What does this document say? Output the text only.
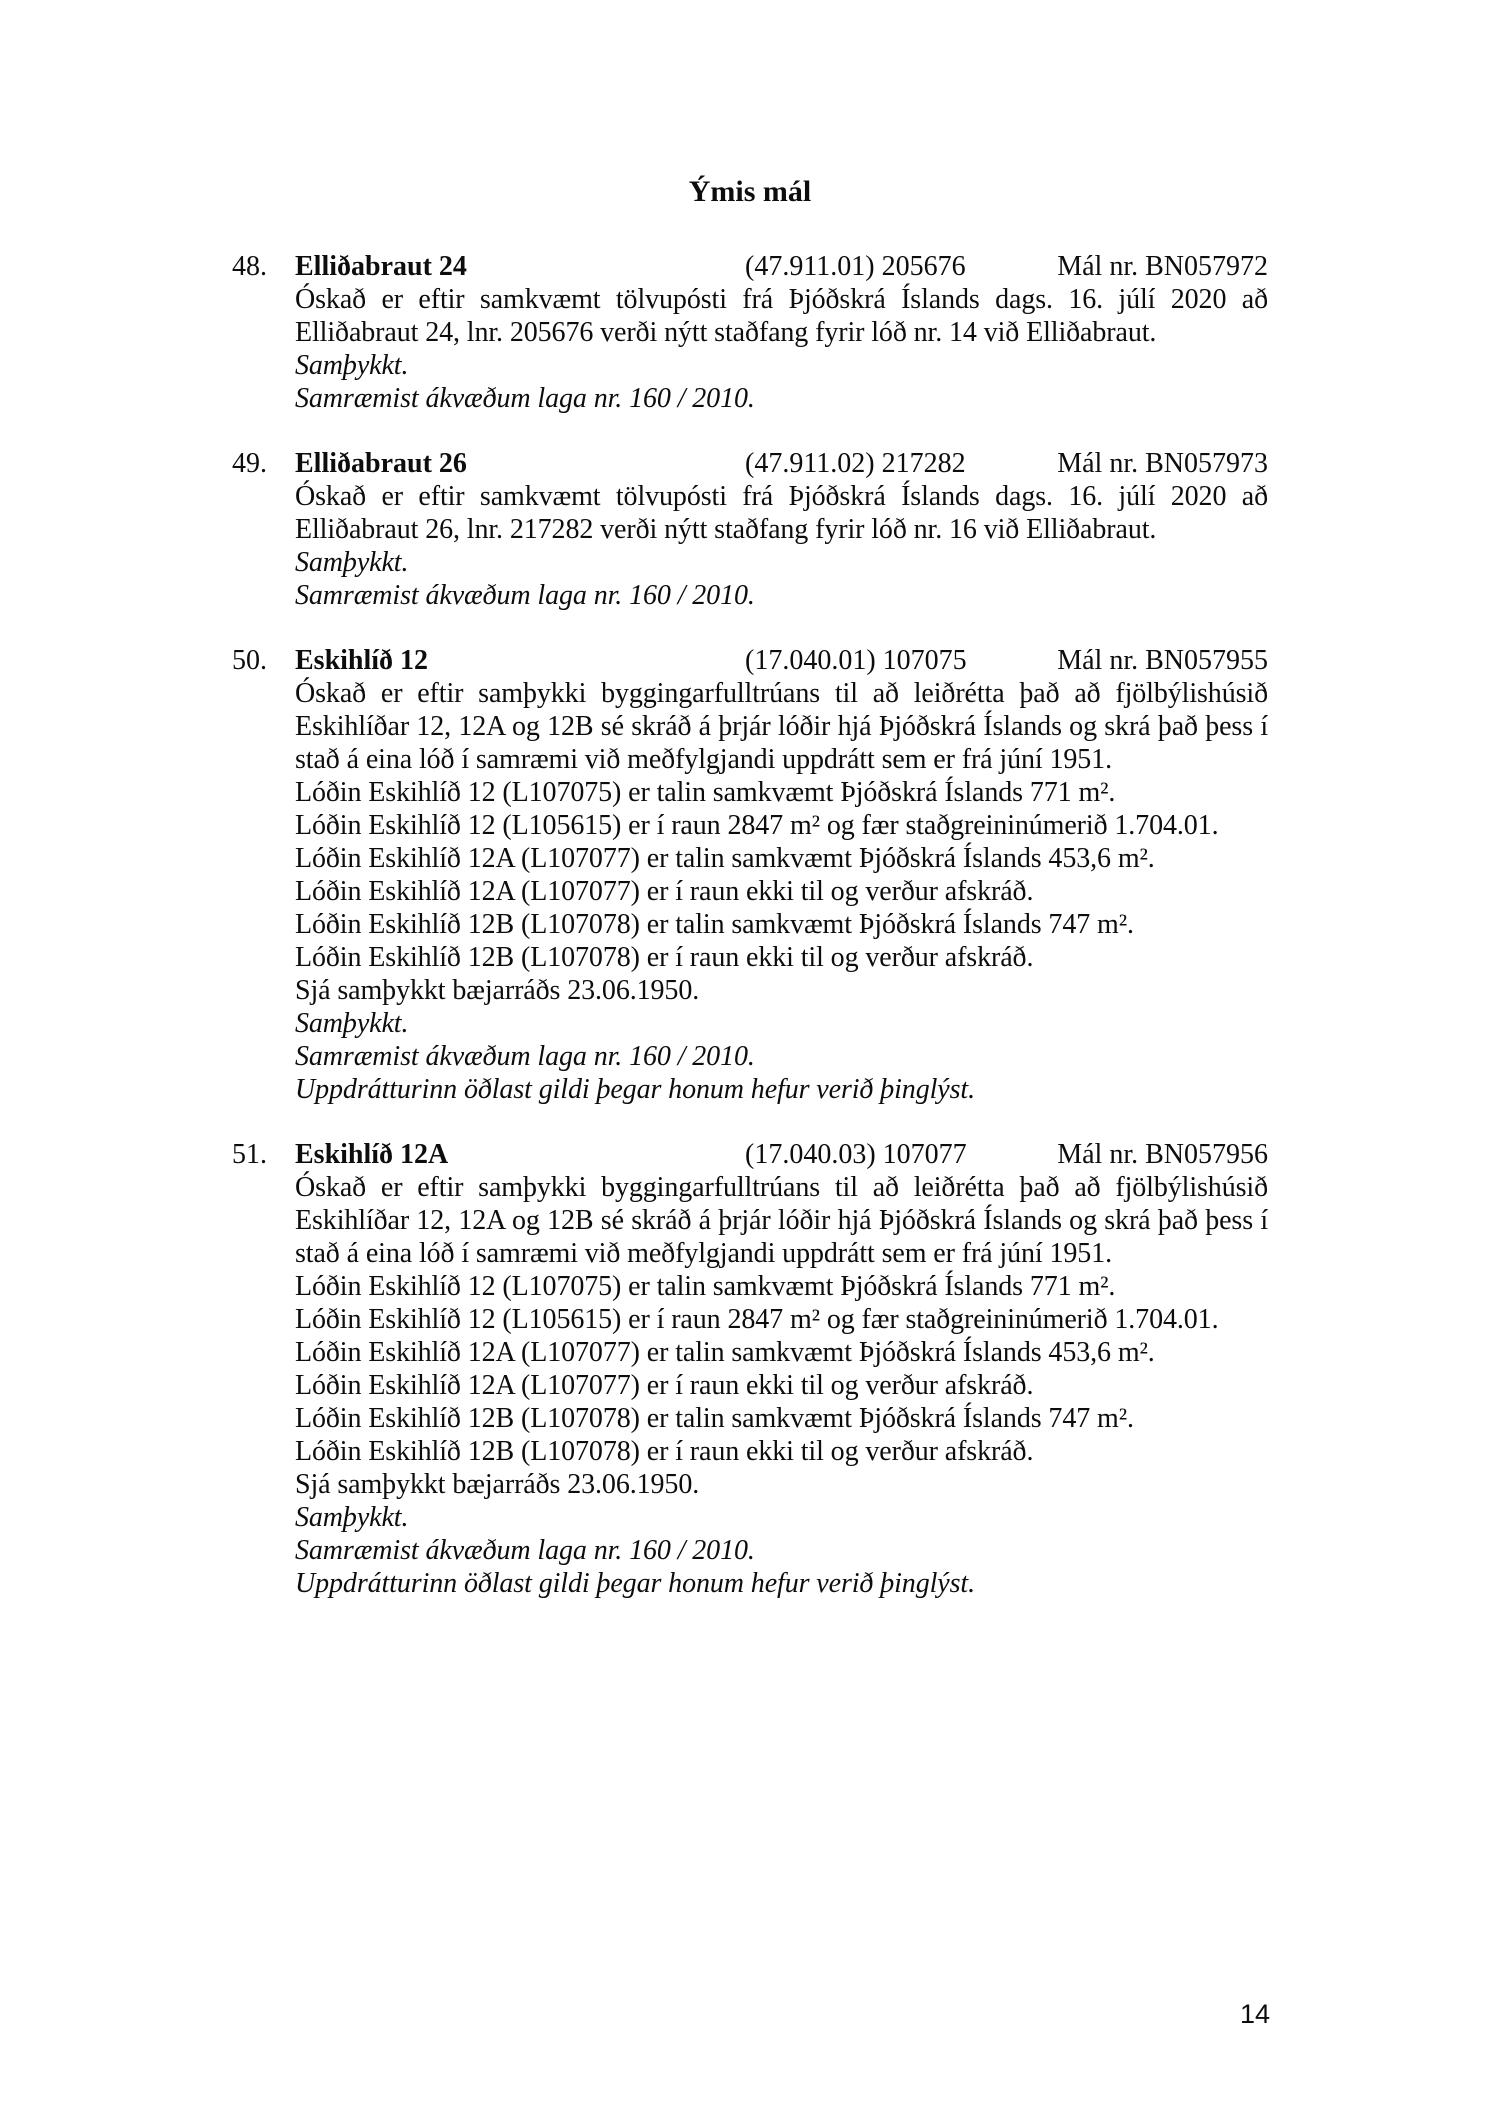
Ýmis mál
48.	Elliðabraut 24	(47.911.01) 205676	Mál nr. BN057972
Óskað er eftir samkvæmt tölvupósti frá Þjóðskrá Íslands dags. 16. júlí 2020 að
Elliðabraut 24, lnr. 205676 verði nýtt staðfang fyrir lóð nr. 14 við Elliðabraut.
Samþykkt.
Samræmist ákvæðum laga nr. 160 / 2010.
49.	Elliðabraut 26	(47.911.02) 217282	Mál nr. BN057973
Óskað er eftir samkvæmt tölvupósti frá Þjóðskrá Íslands dags. 16. júlí 2020 að
Elliðabraut 26, lnr. 217282 verði nýtt staðfang fyrir lóð nr. 16 við Elliðabraut.
Samþykkt.
Samræmist ákvæðum laga nr. 160 / 2010.
50.	Eskihlíð 12	(17.040.01) 107075	Mál nr. BN057955
Óskað er eftir samþykki byggingarfulltrúans til að leiðrétta það að fjölbýlishúsið
Eskihlíðar 12, 12A og 12B sé skráð á þrjár lóðir hjá Þjóðskrá Íslands og skrá það þess í
stað á eina lóð í samræmi við meðfylgjandi uppdrátt sem er frá júní 1951.
Lóðin Eskihlíð 12 (L107075) er talin samkvæmt Þjóðskrá Íslands 771 m².
Lóðin Eskihlíð 12 (L105615) er í raun 2847 m² og fær staðgreininúmerið 1.704.01.
Lóðin Eskihlíð 12A (L107077) er talin samkvæmt Þjóðskrá Íslands 453,6 m².
Lóðin Eskihlíð 12A (L107077) er í raun ekki til og verður afskráð.
Lóðin Eskihlíð 12B (L107078) er talin samkvæmt Þjóðskrá Íslands 747 m².
Lóðin Eskihlíð 12B (L107078) er í raun ekki til og verður afskráð.
Sjá samþykkt bæjarráðs 23.06.1950.
Samþykkt.
Samræmist ákvæðum laga nr. 160 / 2010.
Uppdrátturinn öðlast gildi þegar honum hefur verið þinglýst.
51.	Eskihlíð 12A	(17.040.03) 107077	Mál nr. BN057956
Óskað er eftir samþykki byggingarfulltrúans til að leiðrétta það að fjölbýlishúsið
Eskihlíðar 12, 12A og 12B sé skráð á þrjár lóðir hjá Þjóðskrá Íslands og skrá það þess í
stað á eina lóð í samræmi við meðfylgjandi uppdrátt sem er frá júní 1951.
Lóðin Eskihlíð 12 (L107075) er talin samkvæmt Þjóðskrá Íslands 771 m².
Lóðin Eskihlíð 12 (L105615) er í raun 2847 m² og fær staðgreininúmerið 1.704.01.
Lóðin Eskihlíð 12A (L107077) er talin samkvæmt Þjóðskrá Íslands 453,6 m².
Lóðin Eskihlíð 12A (L107077) er í raun ekki til og verður afskráð.
Lóðin Eskihlíð 12B (L107078) er talin samkvæmt Þjóðskrá Íslands 747 m².
Lóðin Eskihlíð 12B (L107078) er í raun ekki til og verður afskráð.
Sjá samþykkt bæjarráðs 23.06.1950.
Samþykkt.
Samræmist ákvæðum laga nr. 160 / 2010.
Uppdrátturinn öðlast gildi þegar honum hefur verið þinglýst.
14
